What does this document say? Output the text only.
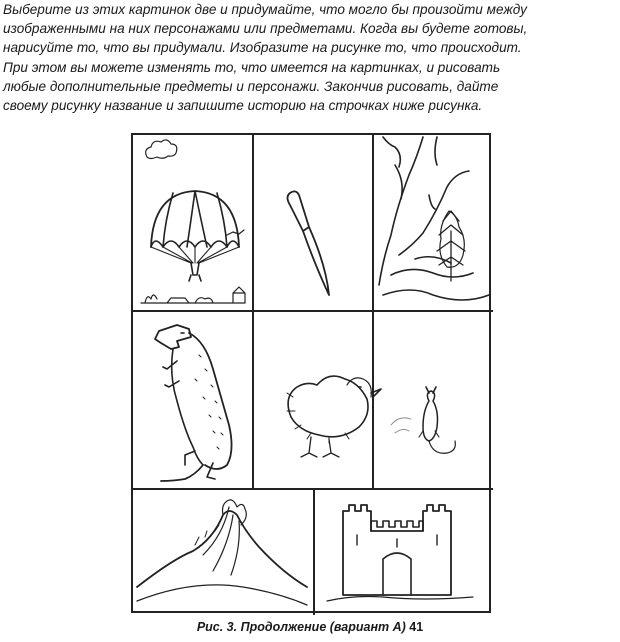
Выберите из этих картинок две и придумайте, что могло бы произойти между
изображенными на них персонажами или предметами. Когда вы будете готовы,
нарисуйте то, что вы придумали. Изобразите на рисунке то, что происходит.
При этом вы можете изменять то, что имеется на картинках, и рисовать
любые дополнительные предметы и персонажи. Закончив рисовать, дайте
своему рисунку название и запишите историю на строчках ниже рисунка.
Рис. 3. Продолжение (вариант А) 41
